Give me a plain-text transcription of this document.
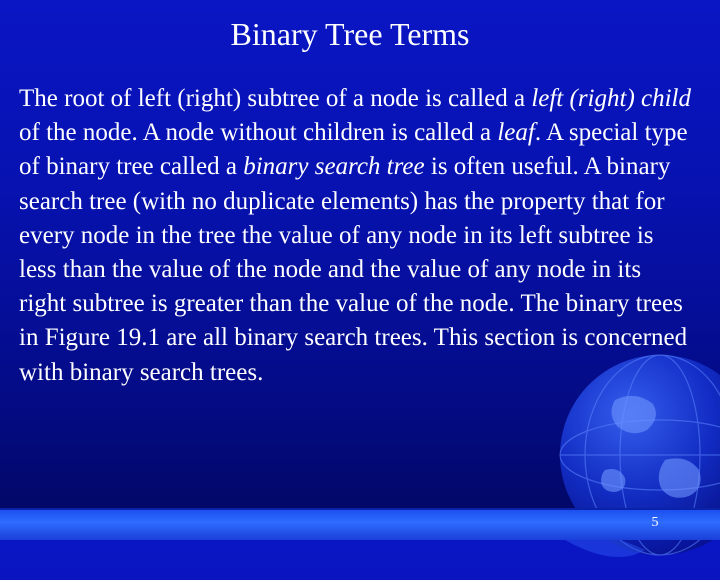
Binary Tree Terms
The root of left (right) subtree of a node is called a left (right) child of the node. A node without children is called a leaf. A special type of binary tree called a binary search tree is often useful. A binary search tree (with no duplicate elements) has the property that for every node in the tree the value of any node in its left subtree is less than the value of the node and the value of any node in its right subtree is greater than the value of the node. The binary trees in Figure 19.1 are all binary search trees. This section is concerned with binary search trees.
5
